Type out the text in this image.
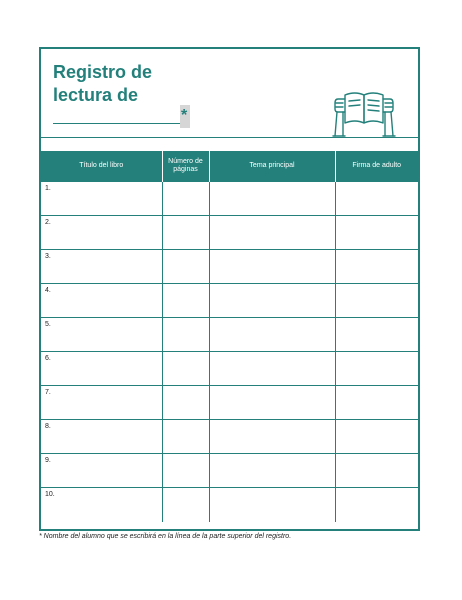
Registro de
lectura de
*
Título del libro	Número de páginas	Tema principal	Firma de adulto
1.			
2.			
3.			
4.			
5.			
6.			
7.			
8.			
9.			
10.			

* Nombre del alumno que se escribirá en la línea de la parte superior del registro.
